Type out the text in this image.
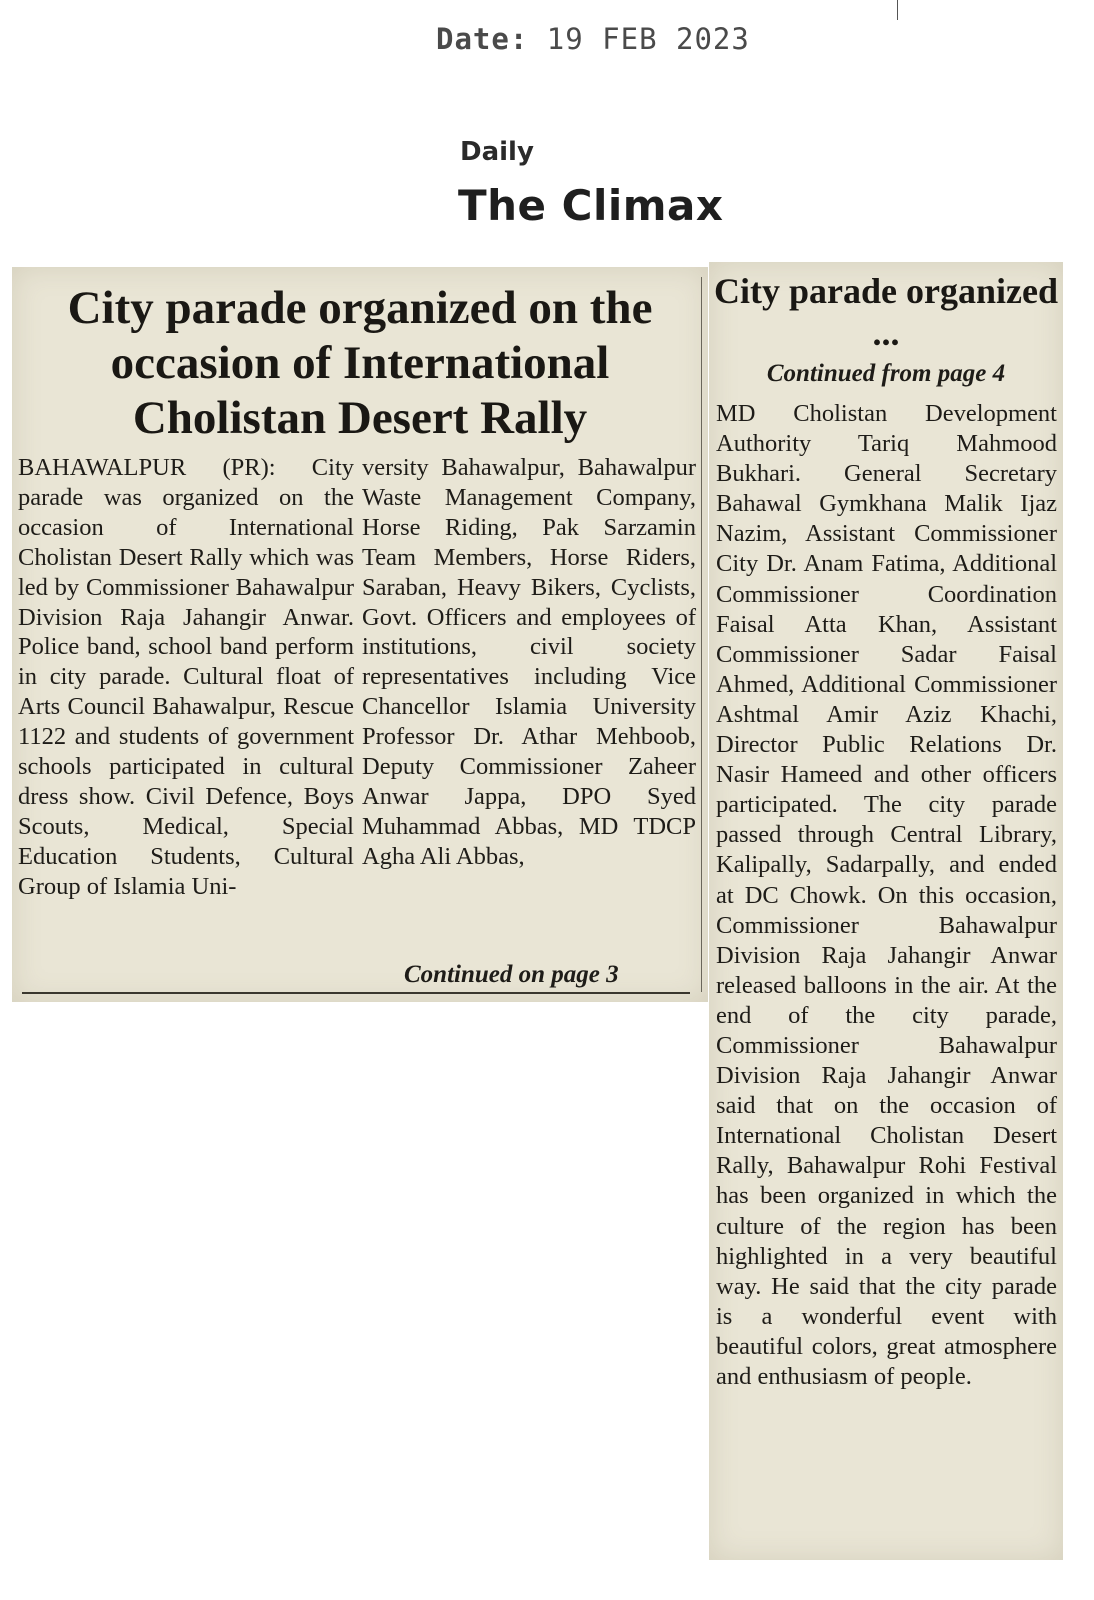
Date: 19 FEB 2023
Daily
The Climax
City parade organized on the occasion of International Cholistan Desert Rally

BAHAWALPUR (PR): City parade was organized on the occasion of International Cholistan Desert Rally which was led by Commissioner Bahawalpur Division Raja Jahangir Anwar. Police band, school band perform in city parade. Cultural float of Arts Council Bahawalpur, Rescue 1122 and students of government schools participated in cultural dress show. Civil Defence, Boys Scouts, Medical, Special Education Students, Cultural Group of Islamia Uni-

versity Bahawalpur, Bahawalpur Waste Management Company, Horse Riding, Pak Sarzamin Team Members, Horse Riders, Saraban, Heavy Bikers, Cyclists, Govt. Officers and employees of institutions, civil society representatives including Vice Chancellor Islamia University Professor Dr. Athar Mehboob, Deputy Commissioner Zaheer Anwar Jappa, DPO Syed Muhammad Abbas, MD TDCP Agha Ali Abbas,

Continued on page 3
City parade organized ...
Continued from page 4

MD Cholistan Development Authority Tariq Mahmood Bukhari. General Secretary Bahawal Gymkhana Malik Ijaz Nazim, Assistant Commissioner City Dr. Anam Fatima, Additional Commissioner Coordination Faisal Atta Khan, Assistant Commissioner Sadar Faisal Ahmed, Additional Commissioner Ashtmal Amir Aziz Khachi, Director Public Relations Dr. Nasir Hameed and other officers participated. The city parade passed through Central Library, Kalipally, Sadarpally, and ended at DC Chowk. On this occasion, Commissioner Bahawalpur Division Raja Jahangir Anwar released balloons in the air. At the end of the city parade, Commissioner Bahawalpur Division Raja Jahangir Anwar said that on the occasion of International Cholistan Desert Rally, Bahawalpur Rohi Festival has been organized in which the culture of the region has been highlighted in a very beautiful way. He said that the city parade is a wonderful event with beautiful colors, great atmosphere and enthusiasm of people.
